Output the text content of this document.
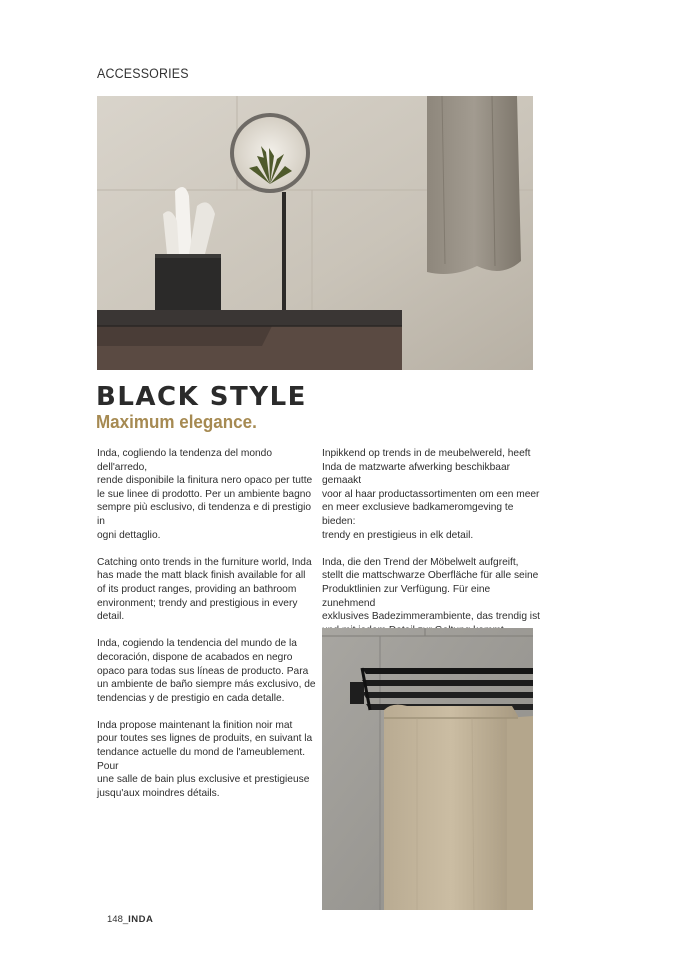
ACCESSORIES
BLACK STYLE
Maximum elegance.

Inda, cogliendo la tendenza del mondo dell'arredo,
rende disponibile la finitura nero opaco per tutte
le sue linee di prodotto. Per un ambiente bagno
sempre più esclusivo, di tendenza e di prestigio in
ogni dettaglio.

Catching onto trends in the furniture world, Inda
has made the matt black finish available for all
of its product ranges, providing an bathroom
environment; trendy and prestigious in every detail.

Inda, cogiendo la tendencia del mundo de la
decoración, dispone de acabados en negro
opaco para todas sus líneas de producto. Para
un ambiente de baño siempre más exclusivo, de
tendencias y de prestigio en cada detalle.

Inda propose maintenant la finition noir mat
pour toutes ses lignes de produits, en suivant la
tendance actuelle du mond de l'ameublement. Pour
une salle de bain plus exclusive et prestigieuse
jusqu'aux moindres détails.

Inpikkend op trends in de meubelwereld, heeft
Inda de matzwarte afwerking beschikbaar gemaakt
voor al haar productassortimenten om een meer
en meer exclusieve badkameromgeving te bieden:
trendy en prestigieus in elk detail.

Inda, die den Trend der Möbelwelt aufgreift,
stellt die mattschwarze Oberfläche für alle seine
Produktlinien zur Verfügung. Für eine zunehmend
exklusives Badezimmerambiente, das trendig ist

148_INDA
